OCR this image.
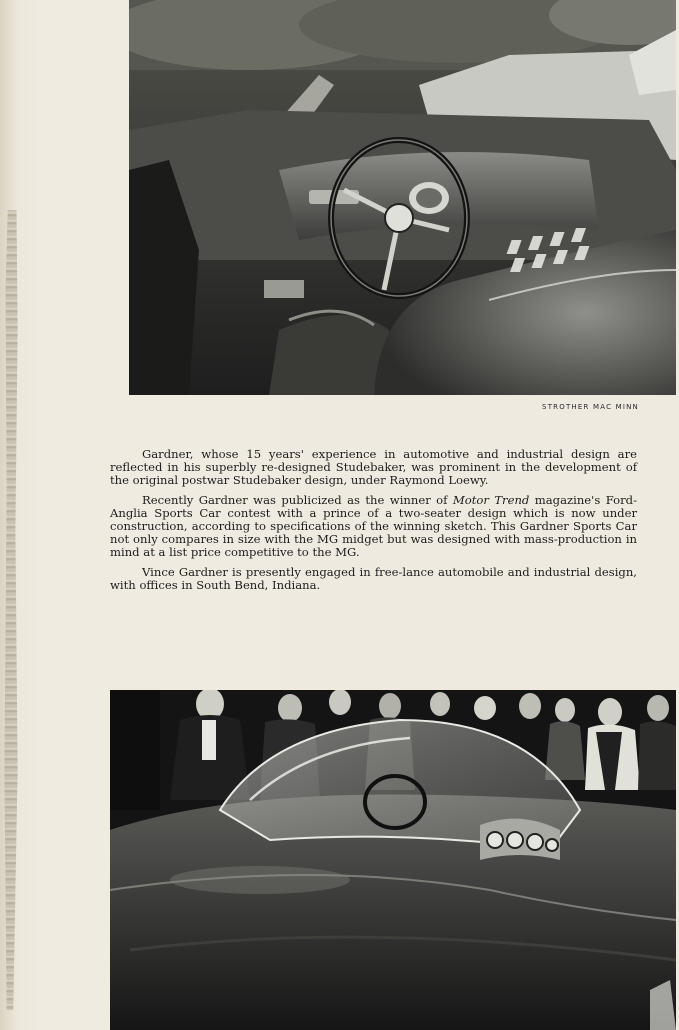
STROTHER MAC MINN

Gardner, whose 15 years' experience in automotive and industrial design are reflected in his superbly re-designed Studebaker, was prominent in the development of the original postwar Studebaker design, under Raymond Loewy.

Recently Gardner was publicized as the winner of Motor Trend magazine's Ford-Anglia Sports Car contest with a prince of a two-seater design which is now under construction, according to specifications of the winning sketch. This Gardner Sports Car not only compares in size with the MG midget but was designed with mass-production in mind at a list price competitive to the MG.

Vince Gardner is presently engaged in free-lance automobile and industrial design, with offices in South Bend, Indiana.
